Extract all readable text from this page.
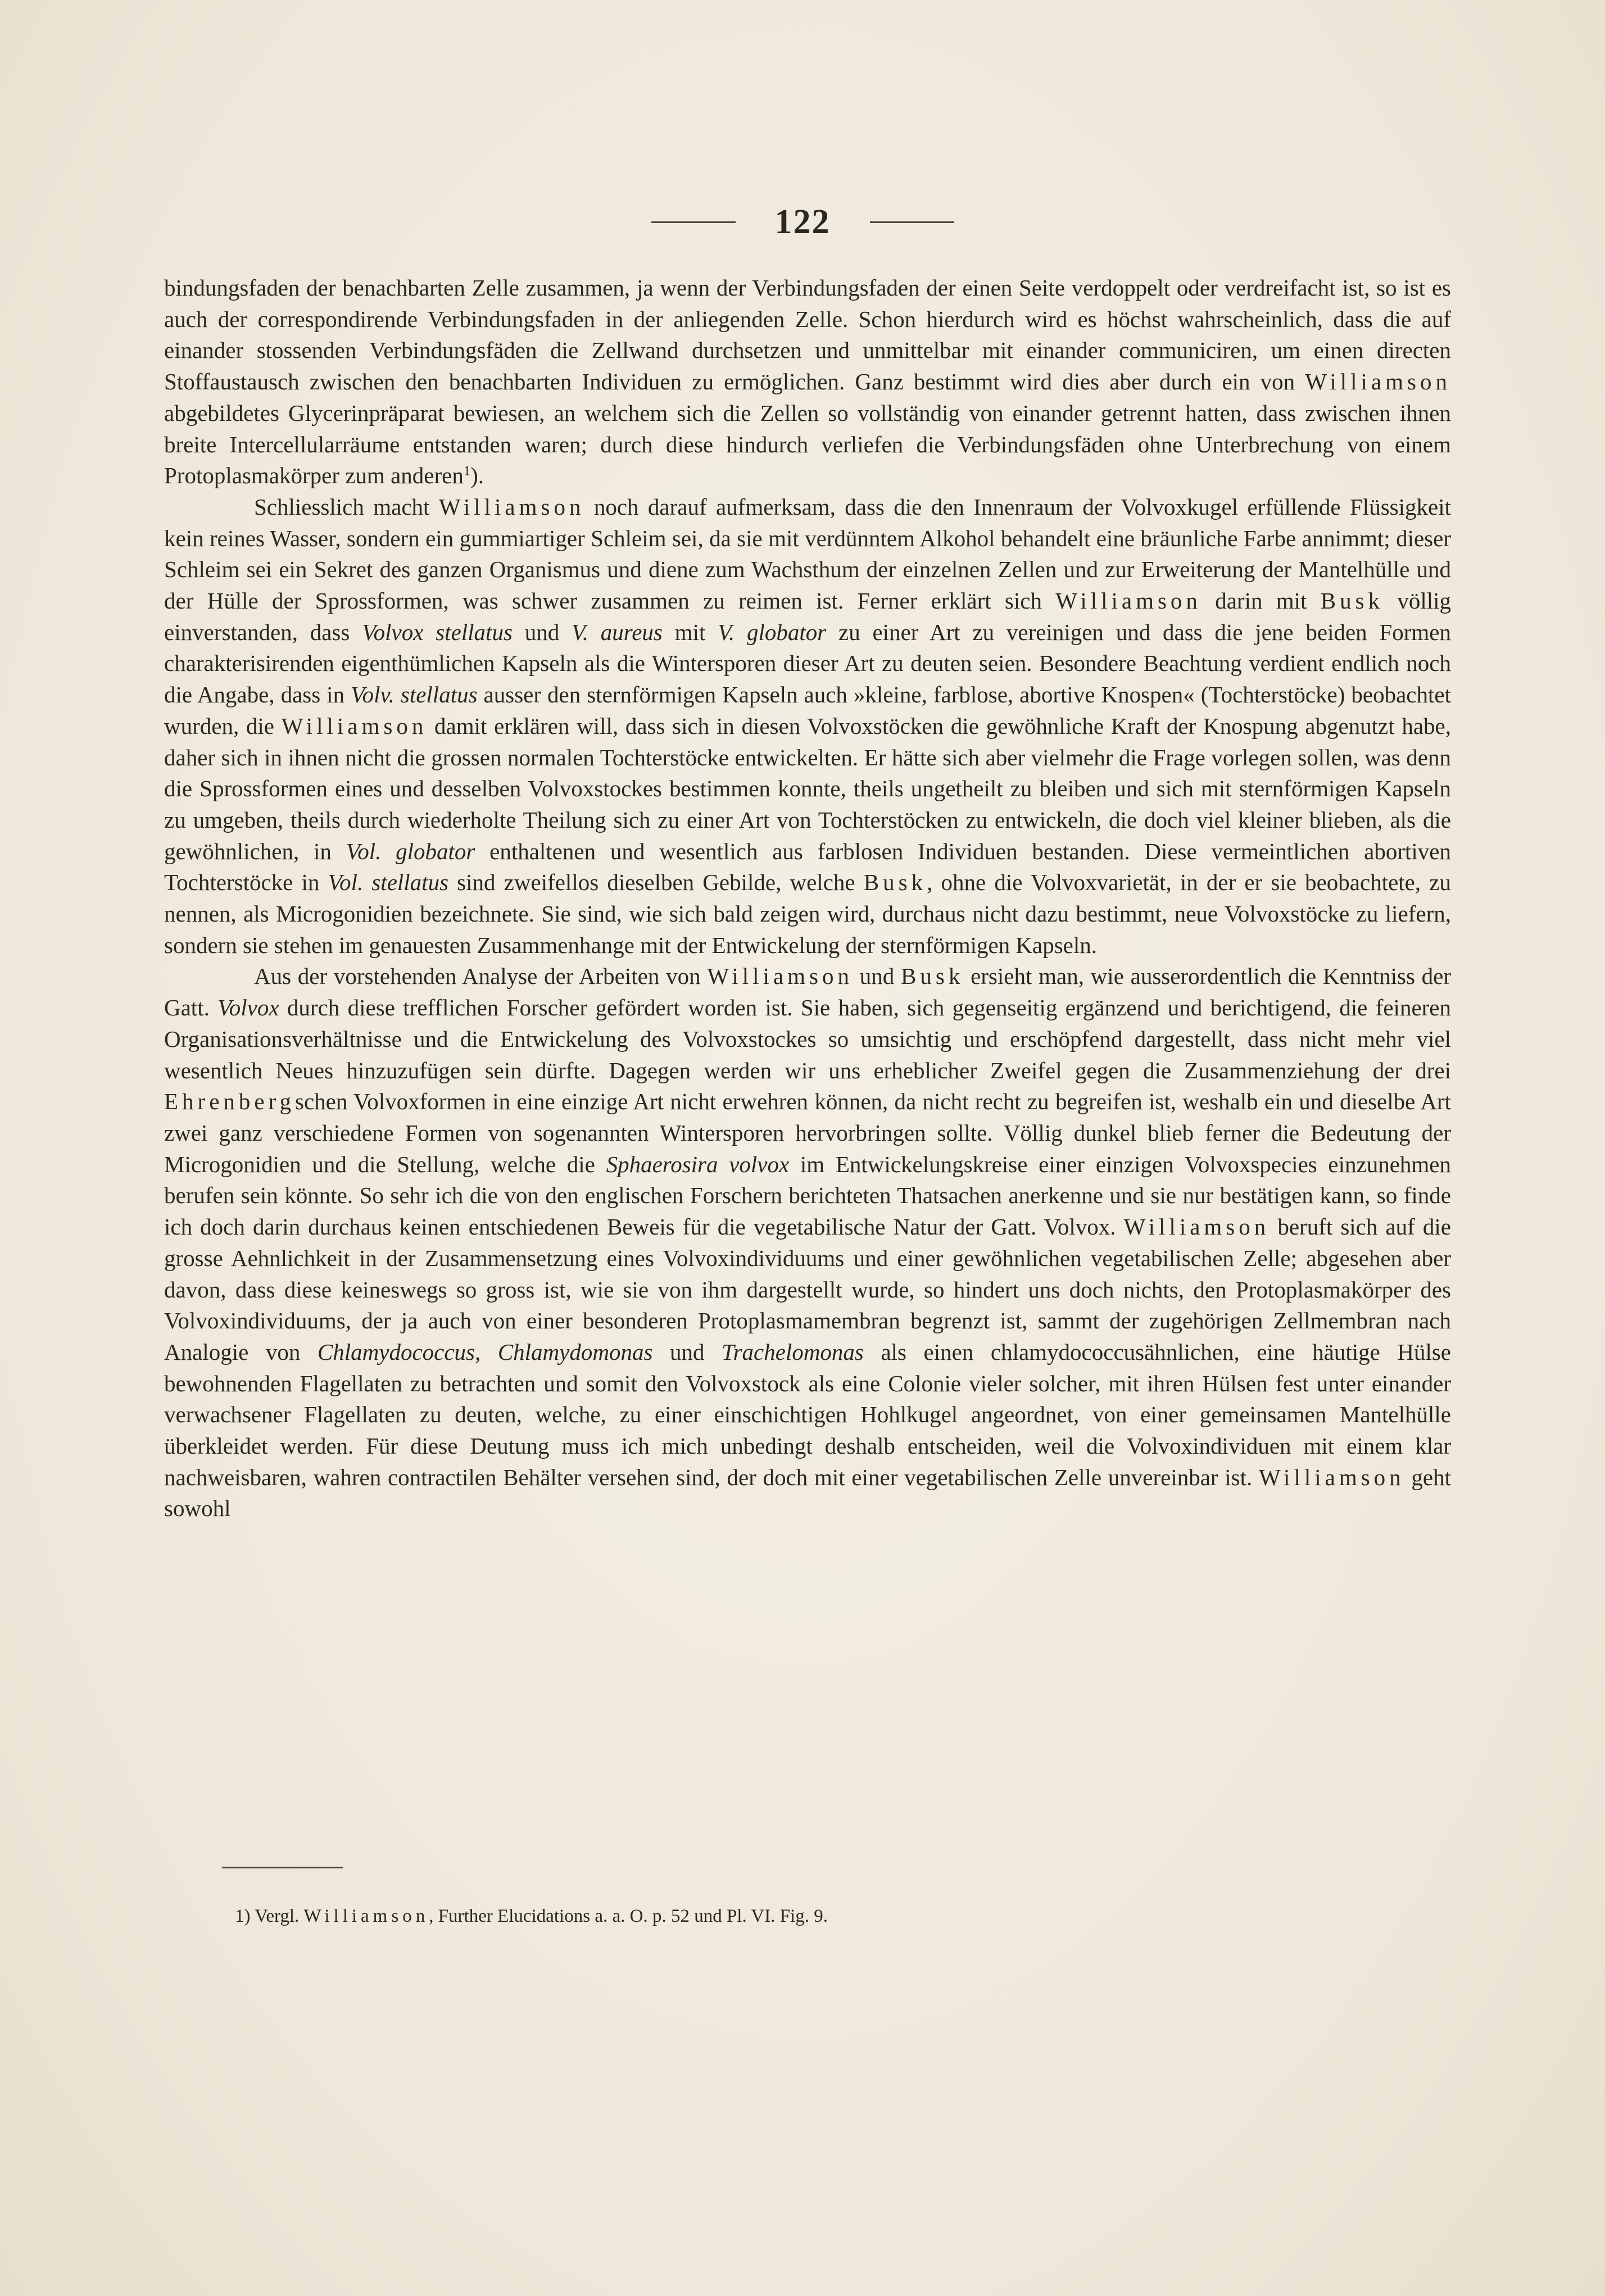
122

bindungsfaden der benachbarten Zelle zusammen, ja wenn der Verbindungsfaden der einen Seite verdoppelt oder verdreifacht ist, so ist es auch der correspondirende Verbindungsfaden in der anliegenden Zelle. Schon hierdurch wird es höchst wahrscheinlich, dass die auf einander stossenden Verbindungsfäden die Zellwand durchsetzen und unmittelbar mit einander communiciren, um einen directen Stoffaustausch zwischen den benachbarten Individuen zu ermöglichen. Ganz bestimmt wird dies aber durch ein von Williamson abgebildetes Glycerinpräparat bewiesen, an welchem sich die Zellen so vollständig von einander getrennt hatten, dass zwischen ihnen breite Intercellularräume entstanden waren; durch diese hindurch verliefen die Verbindungsfäden ohne Unterbrechung von einem Protoplasmakörper zum anderen$^1$).

Schliesslich macht Williamson noch darauf aufmerksam, dass die den Innenraum der Volvoxkugel erfüllende Flüssigkeit kein reines Wasser, sondern ein gummiartiger Schleim sei, da sie mit verdünntem Alkohol behandelt eine bräunliche Farbe annimmt; dieser Schleim sei ein Sekret des ganzen Organismus und diene zum Wachsthum der einzelnen Zellen und zur Erweiterung der Mantelhülle und der Hülle der Sprossformen, was schwer zusammen zu reimen ist. Ferner erklärt sich Williamson darin mit Busk völlig einverstanden, dass Volvox stellatus und V. aureus mit V. globator zu einer Art zu vereinigen und dass die jene beiden Formen charakterisirenden eigenthümlichen Kapseln als die Wintersporen dieser Art zu deuten seien. Besondere Beachtung verdient endlich noch die Angabe, dass in Volv. stellatus ausser den sternförmigen Kapseln auch »kleine, farblose, abortive Knospen« (Tochterstöcke) beobachtet wurden, die Williamson damit erklären will, dass sich in diesen Volvoxstöcken die gewöhnliche Kraft der Knospung abgenutzt habe, daher sich in ihnen nicht die grossen normalen Tochterstöcke entwickelten. Er hätte sich aber vielmehr die Frage vorlegen sollen, was denn die Sprossformen eines und desselben Volvoxstockes bestimmen konnte, theils ungetheilt zu bleiben und sich mit sternförmigen Kapseln zu umgeben, theils durch wiederholte Theilung sich zu einer Art von Tochterstöcken zu entwickeln, die doch viel kleiner blieben, als die gewöhnlichen, in Vol. globator enthaltenen und wesentlich aus farblosen Individuen bestanden. Diese vermeintlichen abortiven Tochterstöcke in Vol. stellatus sind zweifellos dieselben Gebilde, welche Busk, ohne die Volvoxvarietät, in der er sie beobachtete, zu nennen, als Microgonidien bezeichnete. Sie sind, wie sich bald zeigen wird, durchaus nicht dazu bestimmt, neue Volvoxstöcke zu liefern, sondern sie stehen im genauesten Zusammenhange mit der Entwickelung der sternförmigen Kapseln.

Aus der vorstehenden Analyse der Arbeiten von Williamson und Busk ersieht man, wie ausserordentlich die Kenntniss der Gatt. Volvox durch diese trefflichen Forscher gefördert worden ist. Sie haben, sich gegenseitig ergänzend und berichtigend, die feineren Organisationsverhältnisse und die Entwickelung des Volvoxstockes so umsichtig und erschöpfend dargestellt, dass nicht mehr viel wesentlich Neues hinzuzufügen sein dürfte. Dagegen werden wir uns erheblicher Zweifel gegen die Zusammenziehung der drei Ehrenbergschen Volvoxformen in eine einzige Art nicht erwehren können, da nicht recht zu begreifen ist, weshalb ein und dieselbe Art zwei ganz verschiedene Formen von sogenannten Wintersporen hervorbringen sollte. Völlig dunkel blieb ferner die Bedeutung der Microgonidien und die Stellung, welche die Sphaerosira volvox im Entwickelungskreise einer einzigen Volvoxspecies einzunehmen berufen sein könnte. So sehr ich die von den englischen Forschern berichteten Thatsachen anerkenne und sie nur bestätigen kann, so finde ich doch darin durchaus keinen entschiedenen Beweis für die vegetabilische Natur der Gatt. Volvox. Williamson beruft sich auf die grosse Aehnlichkeit in der Zusammensetzung eines Volvoxindividuums und einer gewöhnlichen vegetabilischen Zelle; abgesehen aber davon, dass diese keineswegs so gross ist, wie sie von ihm dargestellt wurde, so hindert uns doch nichts, den Protoplasmakörper des Volvoxindividuums, der ja auch von einer besonderen Protoplasmamembran begrenzt ist, sammt der zugehörigen Zellmembran nach Analogie von Chlamydococcus, Chlamydomonas und Trachelomonas als einen chlamydococcusähnlichen, eine häutige Hülse bewohnenden Flagellaten zu betrachten und somit den Volvoxstock als eine Colonie vieler solcher, mit ihren Hülsen fest unter einander verwachsener Flagellaten zu deuten, welche, zu einer einschichtigen Hohlkugel angeordnet, von einer gemeinsamen Mantelhülle überkleidet werden. Für diese Deutung muss ich mich unbedingt deshalb entscheiden, weil die Volvoxindividuen mit einem klar nachweisbaren, wahren contractilen Behälter versehen sind, der doch mit einer vegetabilischen Zelle unvereinbar ist. Williamson geht sowohl

1) Vergl. Williamson, Further Elucidations a. a. O. p. 52 und Pl. VI. Fig. 9.
